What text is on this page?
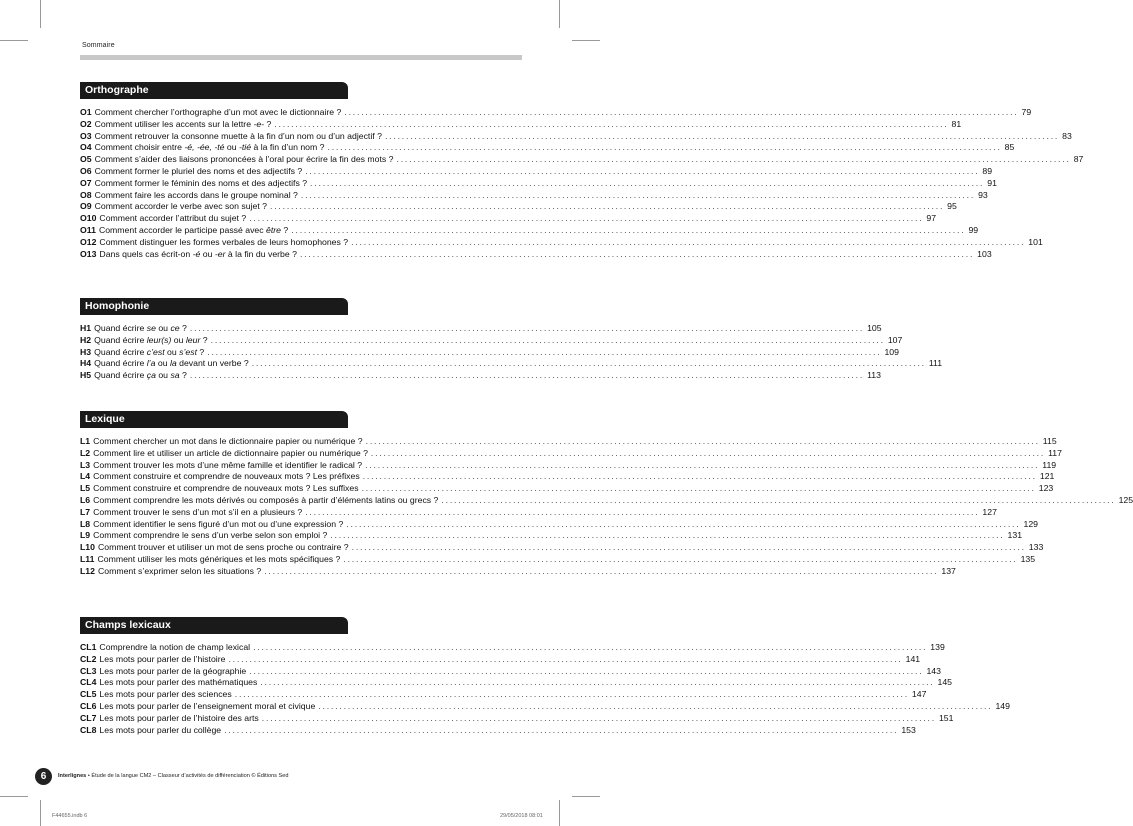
Sommaire
Orthographe
O1 Comment chercher l’orthographe d’un mot avec le dictionnaire ? ................................................................................................................................................................ 79
O2 Comment utiliser les accents sur la lettre -e- ? ................................................................................................................................................................ 81
O3 Comment retrouver la consonne muette à la fin d’un nom ou d’un adjectif ? ................................................................................................................................................................ 83
O4 Comment choisir entre -é, -ée, -té ou -tié à la fin d’un nom ? ................................................................................................................................................................ 85
O5 Comment s’aider des liaisons prononcées à l’oral pour écrire la fin des mots ? ................................................................................................................................................................ 87
O6 Comment former le pluriel des noms et des adjectifs ? ................................................................................................................................................................ 89
O7 Comment former le féminin des noms et des adjectifs ? ................................................................................................................................................................ 91
O8 Comment faire les accords dans le groupe nominal ? ................................................................................................................................................................ 93
O9 Comment accorder le verbe avec son sujet ? ................................................................................................................................................................ 95
O10 Comment accorder l’attribut du sujet ? ................................................................................................................................................................ 97
O11 Comment accorder le participe passé avec être ? ................................................................................................................................................................ 99
O12 Comment distinguer les formes verbales de leurs homophones ? ................................................................................................................................................................ 101
O13 Dans quels cas écrit-on -é ou -er à la fin du verbe ? ................................................................................................................................................................ 103
Homophonie
H1 Quand écrire se ou ce ? ................................................................................................................................................................ 105
H2 Quand écrire leur(s) ou leur ? ................................................................................................................................................................ 107
H3 Quand écrire c’est ou s’est ? ................................................................................................................................................................ 109
H4 Quand écrire l’a ou la devant un verbe ? ................................................................................................................................................................ 111
H5 Quand écrire ça ou sa ? ................................................................................................................................................................ 113
Lexique
L1 Comment chercher un mot dans le dictionnaire papier ou numérique ? ................................................................................................................................................................ 115
L2 Comment lire et utiliser un article de dictionnaire papier ou numérique ? ................................................................................................................................................................ 117
L3 Comment trouver les mots d’une même famille et identifier le radical ? ................................................................................................................................................................ 119
L4 Comment construire et comprendre de nouveaux mots ? Les préfixes ................................................................................................................................................................ 121
L5 Comment construire et comprendre de nouveaux mots ? Les suffixes ................................................................................................................................................................ 123
L6 Comment comprendre les mots dérivés ou composés à partir d’éléments latins ou grecs ? ................................................................................................................................................................ 125
L7 Comment trouver le sens d’un mot s’il en a plusieurs ? ................................................................................................................................................................ 127
L8 Comment identifier le sens figuré d’un mot ou d’une expression ? ................................................................................................................................................................ 129
L9 Comment comprendre le sens d’un verbe selon son emploi ? ................................................................................................................................................................ 131
L10 Comment trouver et utiliser un mot de sens proche ou contraire ? ................................................................................................................................................................ 133
L11 Comment utiliser les mots génériques et les mots spécifiques ? ................................................................................................................................................................ 135
L12 Comment s’exprimer selon les situations ? ................................................................................................................................................................ 137
Champs lexicaux
CL1 Comprendre la notion de champ lexical ................................................................................................................................................................ 139
CL2 Les mots pour parler de l’histoire ................................................................................................................................................................ 141
CL3 Les mots pour parler de la géographie ................................................................................................................................................................ 143
CL4 Les mots pour parler des mathématiques ................................................................................................................................................................ 145
CL5 Les mots pour parler des sciences ................................................................................................................................................................ 147
CL6 Les mots pour parler de l’enseignement moral et civique ................................................................................................................................................................ 149
CL7 Les mots pour parler de l’histoire des arts ................................................................................................................................................................ 151
CL8 Les mots pour parler du collège ................................................................................................................................................................ 153
6	Interlignes • Étude de la langue CM2 – Classeur d’activités de différenciation © Éditions Sed
F44655.indb 6	29/05/2018 08:01
